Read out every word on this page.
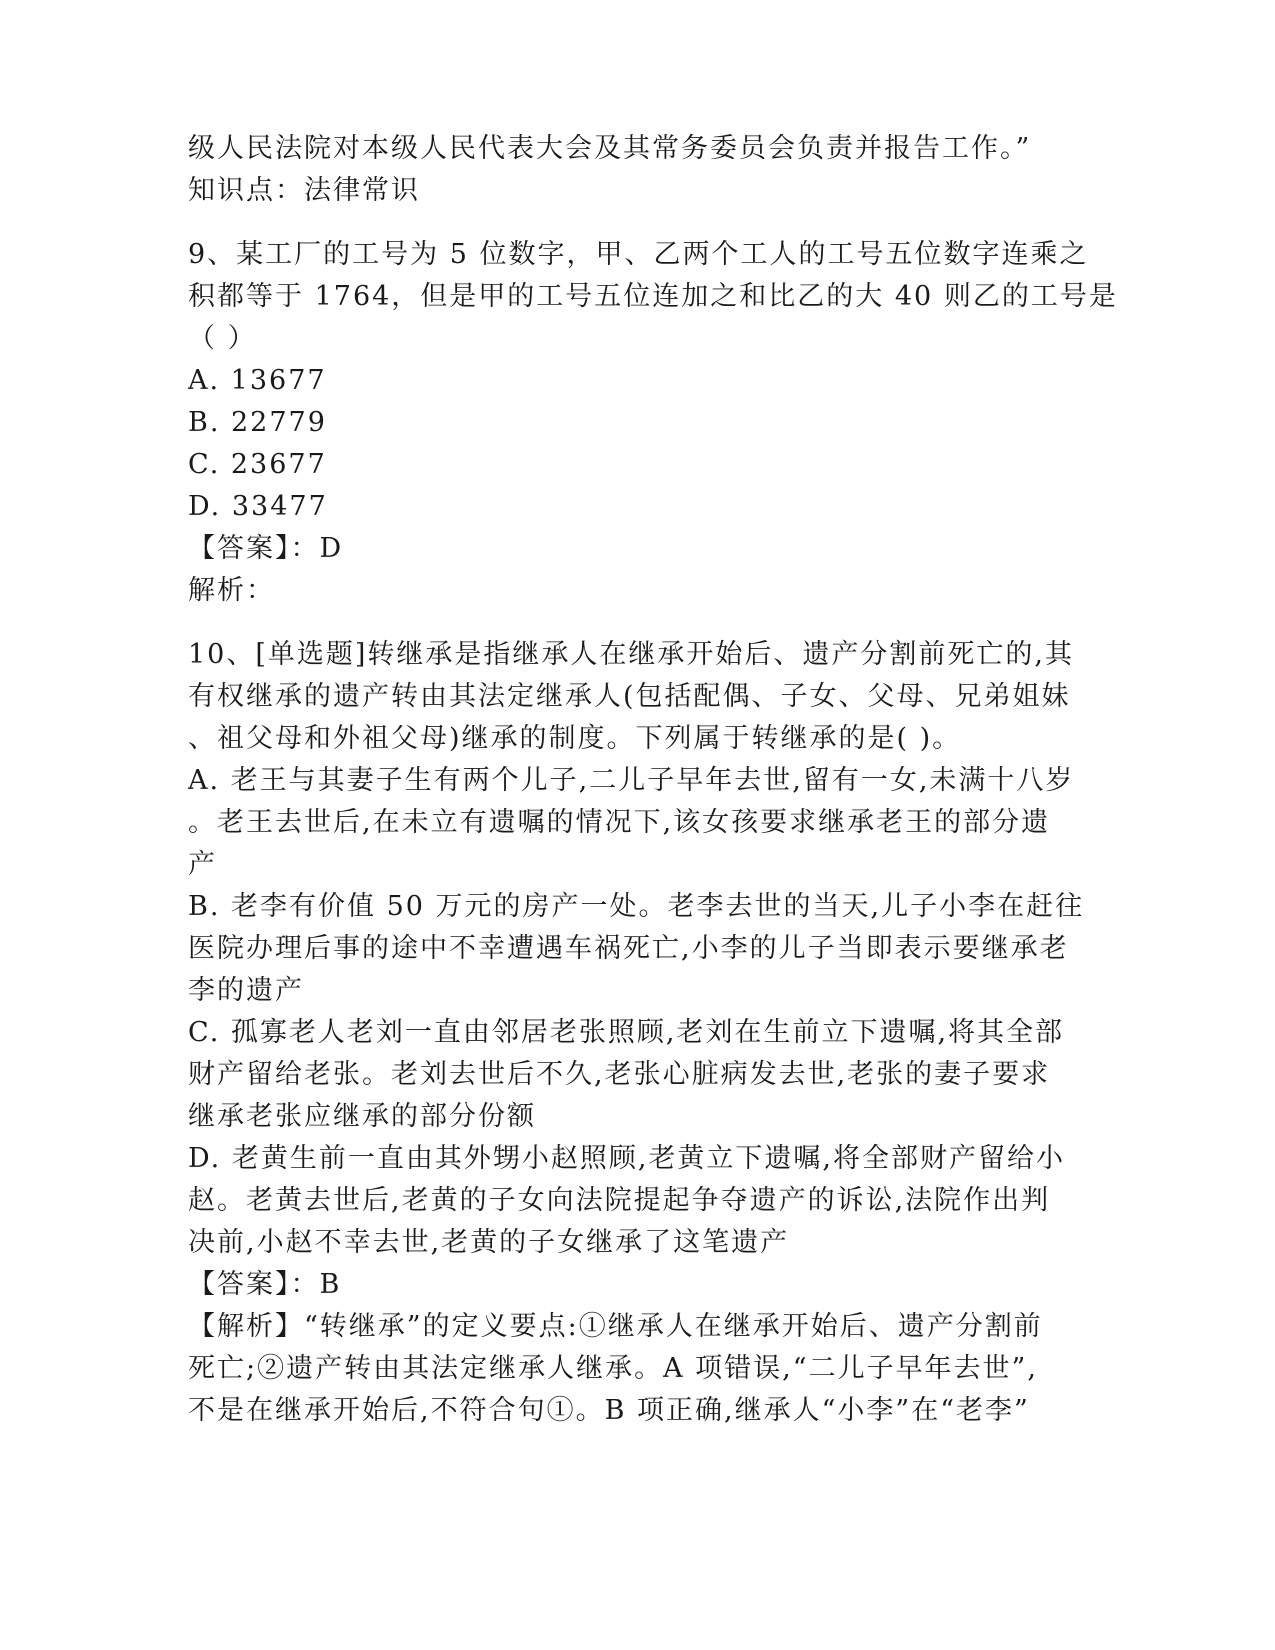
级人民法院对本级人民代表大会及其常务委员会负责并报告工作。”
知识点：法律常识
9、某工厂的工号为 5 位数字，甲、乙两个工人的工号五位数字连乘之
积都等于 1764，但是甲的工号五位连加之和比乙的大 40 则乙的工号是
（ ）
A. 13677
B. 22779
C. 23677
D. 33477
【答案】：D
解析：
10、[单选题]转继承是指继承人在继承开始后、遗产分割前死亡的,其
有权继承的遗产转由其法定继承人(包括配偶、子女、父母、兄弟姐妹
、祖父母和外祖父母)继承的制度。下列属于转继承的是( )。
A. 老王与其妻子生有两个儿子,二儿子早年去世,留有一女,未满十八岁
。老王去世后,在未立有遗嘱的情况下,该女孩要求继承老王的部分遗
产
B. 老李有价值 50 万元的房产一处。老李去世的当天,儿子小李在赶往
医院办理后事的途中不幸遭遇车祸死亡,小李的儿子当即表示要继承老
李的遗产
C. 孤寡老人老刘一直由邻居老张照顾,老刘在生前立下遗嘱,将其全部
财产留给老张。老刘去世后不久,老张心脏病发去世,老张的妻子要求
继承老张应继承的部分份额
D. 老黄生前一直由其外甥小赵照顾,老黄立下遗嘱,将全部财产留给小
赵。老黄去世后,老黄的子女向法院提起争夺遗产的诉讼,法院作出判
决前,小赵不幸去世,老黄的子女继承了这笔遗产
【答案】：B
【解析】“转继承”的定义要点:①继承人在继承开始后、遗产分割前
死亡;②遗产转由其法定继承人继承。A 项错误,“二儿子早年去世”,
不是在继承开始后,不符合句①。B 项正确,继承人“小李”在“老李”
